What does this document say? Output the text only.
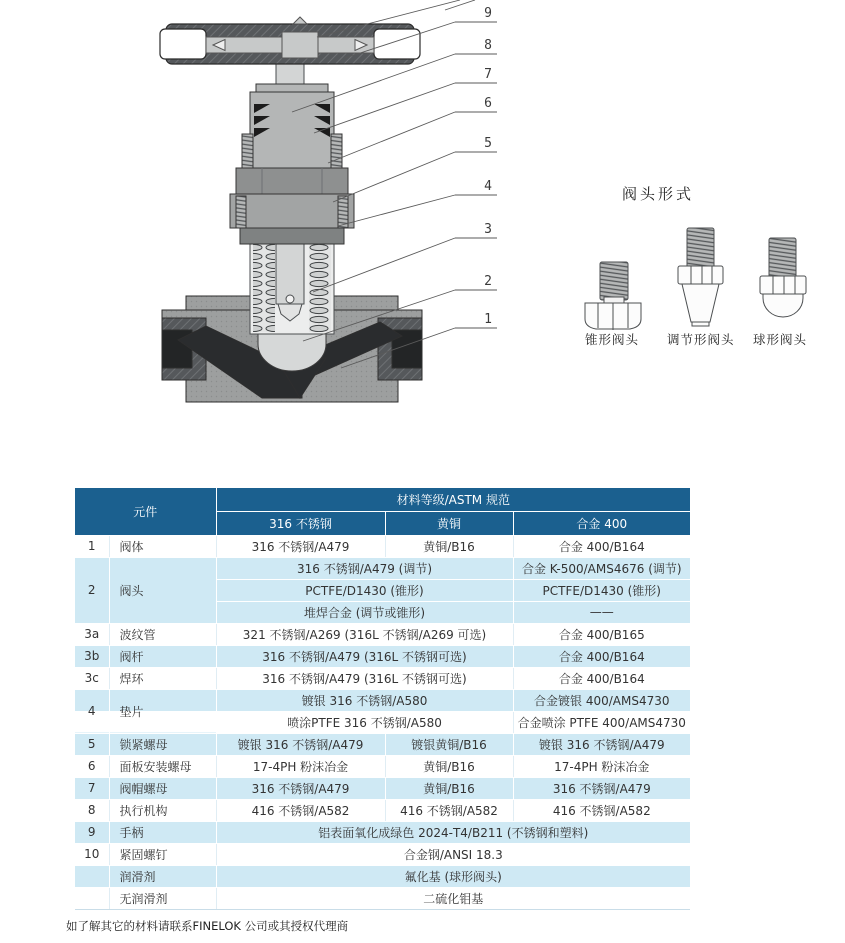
9
8
7
6
5
4
3
2
1
阀头形式
锥形阀头 调节形阀头 球形阀头
元件		材料等级/ASTM 规范		
		316 不锈钢	黄铜	合金 400
1	阀体	316 不锈钢/A479	黄铜/B16	合金 400/B164
2	阀头	316 不锈钢/A479 (调节)		合金 K-500/AMS4676 (调节)
		PCTFE/D1430 (锥形)		PCTFE/D1430 (锥形)
		堆焊合金 (调节或锥形)		——
3a	波纹管	321 不锈钢/A269 (316L 不锈钢/A269 可选)		合金 400/B165
3b	阀杆	316 不锈钢/A479 (316L 不锈钢可选)		合金 400/B164
3c	焊环	316 不锈钢/A479 (316L 不锈钢可选)		合金 400/B164
4	垫片	镀银 316 不锈钢/A580		合金镀银 400/AMS4730
		喷涂PTFE 316 不锈钢/A580		合金喷涂 PTFE 400/AMS4730
5	锁紧螺母	镀银 316 不锈钢/A479	镀银黄铜/B16	镀银 316 不锈钢/A479
6	面板安装螺母	17-4PH 粉沫冶金	黄铜/B16	17-4PH 粉沫冶金
7	阀帽螺母	316 不锈钢/A479	黄铜/B16	316 不锈钢/A479
8	执行机构	416 不锈钢/A582	416 不锈钢/A582	416 不锈钢/A582
9	手柄	铝表面氧化成绿色 2024-T4/B211 (不锈钢和塑料)		
10	紧固螺钉	合金钢/ANSI 18.3		
	润滑剂	氟化基 (球形阀头)		
	无润滑剂	二硫化钼基		
如了解其它的材料请联系FINELOK 公司或其授权代理商
